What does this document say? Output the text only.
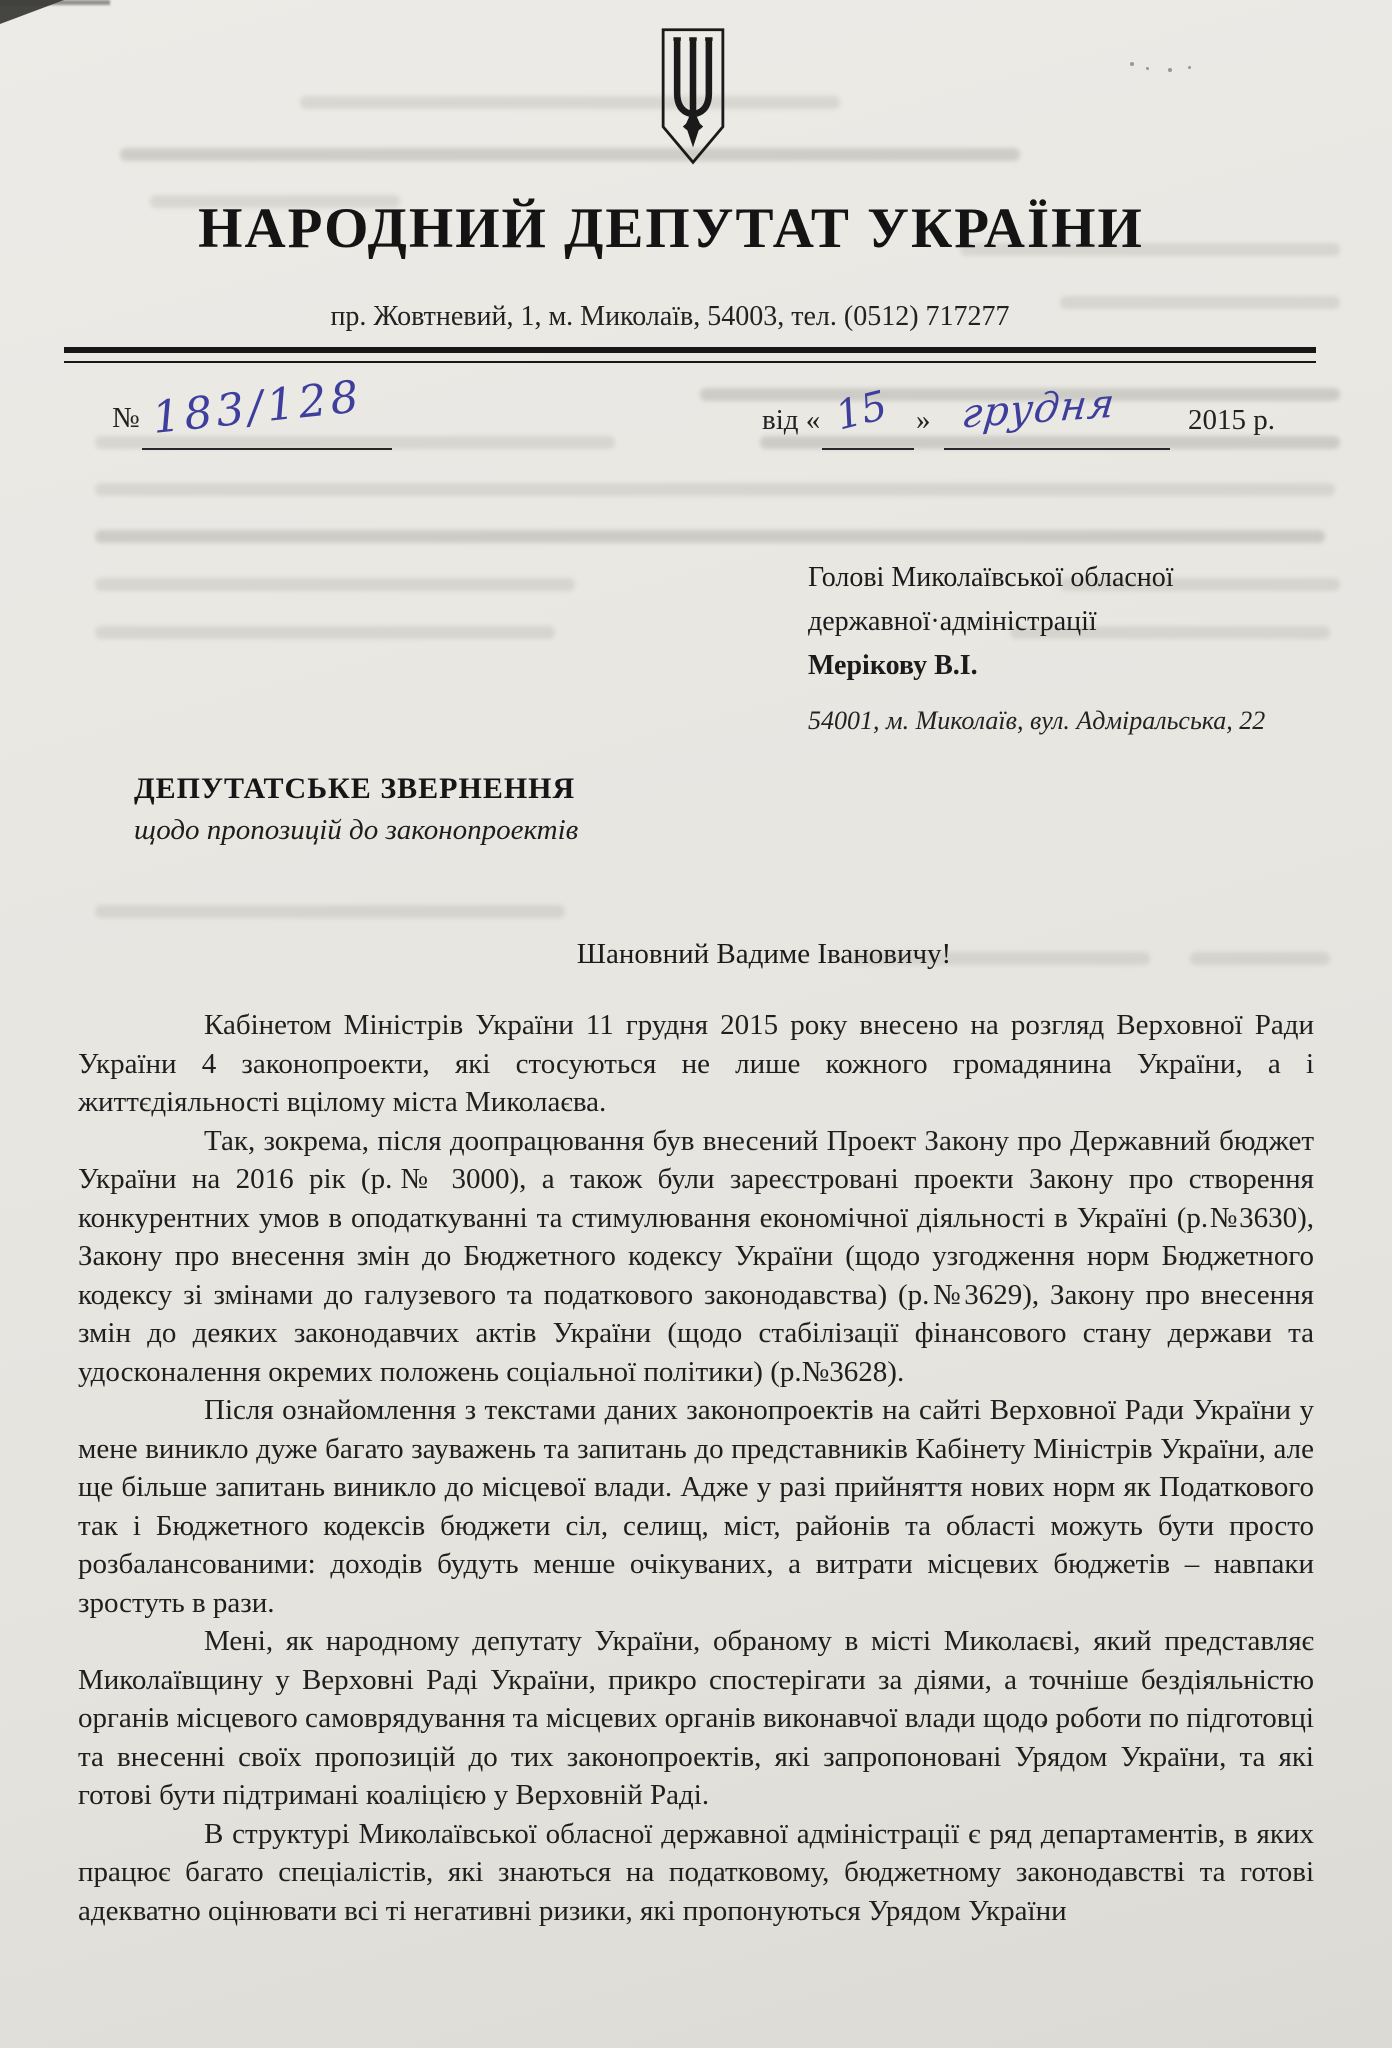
НАРОДНИЙ ДЕПУТАТ УКРАЇНИ
пр. Жовтневий, 1, м. Миколаїв, 54003, тел. (0512) 717277
№ 183/128	від « 15 » грудня 2015 р.
Голові Миколаївської обласної
державної·адміністрації
Мерікову В.І.
54001, м. Миколаїв, вул. Адміральська, 22
ДЕПУТАТСЬКЕ ЗВЕРНЕННЯ
щодо пропозицій до законопроектів
Шановний Вадиме Івановичу!

Кабінетом Міністрів України 11 грудня 2015 року внесено на розгляд Верховної Ради України 4 законопроекти, які стосуються не лише кожного громадянина України, а і життєдіяльності вцілому міста Миколаєва.

Так, зокрема, після доопрацювання був внесений Проект Закону про Державний бюджет України на 2016 рік (р.№ 3000), а також були зареєстровані проекти Закону про створення конкурентних умов в оподаткуванні та стимулювання економічної діяльності в Україні (р.№3630), Закону про внесення змін до Бюджетного кодексу України (щодо узгодження норм Бюджетного кодексу зі змінами до галузевого та податкового законодавства) (р.№3629), Закону про внесення змін до деяких законодавчих актів України (щодо стабілізації фінансового стану держави та удосконалення окремих положень соціальної політики) (р.№3628).

Після ознайомлення з текстами даних законопроектів на сайті Верховної Ради України у мене виникло дуже багато зауважень та запитань до представників Кабінету Міністрів України, але ще більше запитань виникло до місцевої влади. Адже у разі прийняття нових норм як Податкового так і Бюджетного кодексів бюджети сіл, селищ, міст, районів та області можуть бути просто розбалансованими: доходів будуть менше очікуваних, а витрати місцевих бюджетів – навпаки зростуть в рази.

Мені, як народному депутату України, обраному в місті Миколаєві, який представляє Миколаївщину у Верховні Раді України, прикро спостерігати за діями, а точніше бездіяльністю органів місцевого самоврядування та місцевих органів виконавчої влади щодо роботи по підготовці та внесенні своїх пропозицій до тих законопроектів, які запропоновані Урядом України, та які готові бути підтримані коаліцією у Верховній Раді.

В структурі Миколаївської обласної державної адміністрації є ряд департаментів, в яких працює багато спеціалістів, які знаються на податковому, бюджетному законодавстві та готові адекватно оцінювати всі ті негативні ризики, які пропонуються Урядом України
